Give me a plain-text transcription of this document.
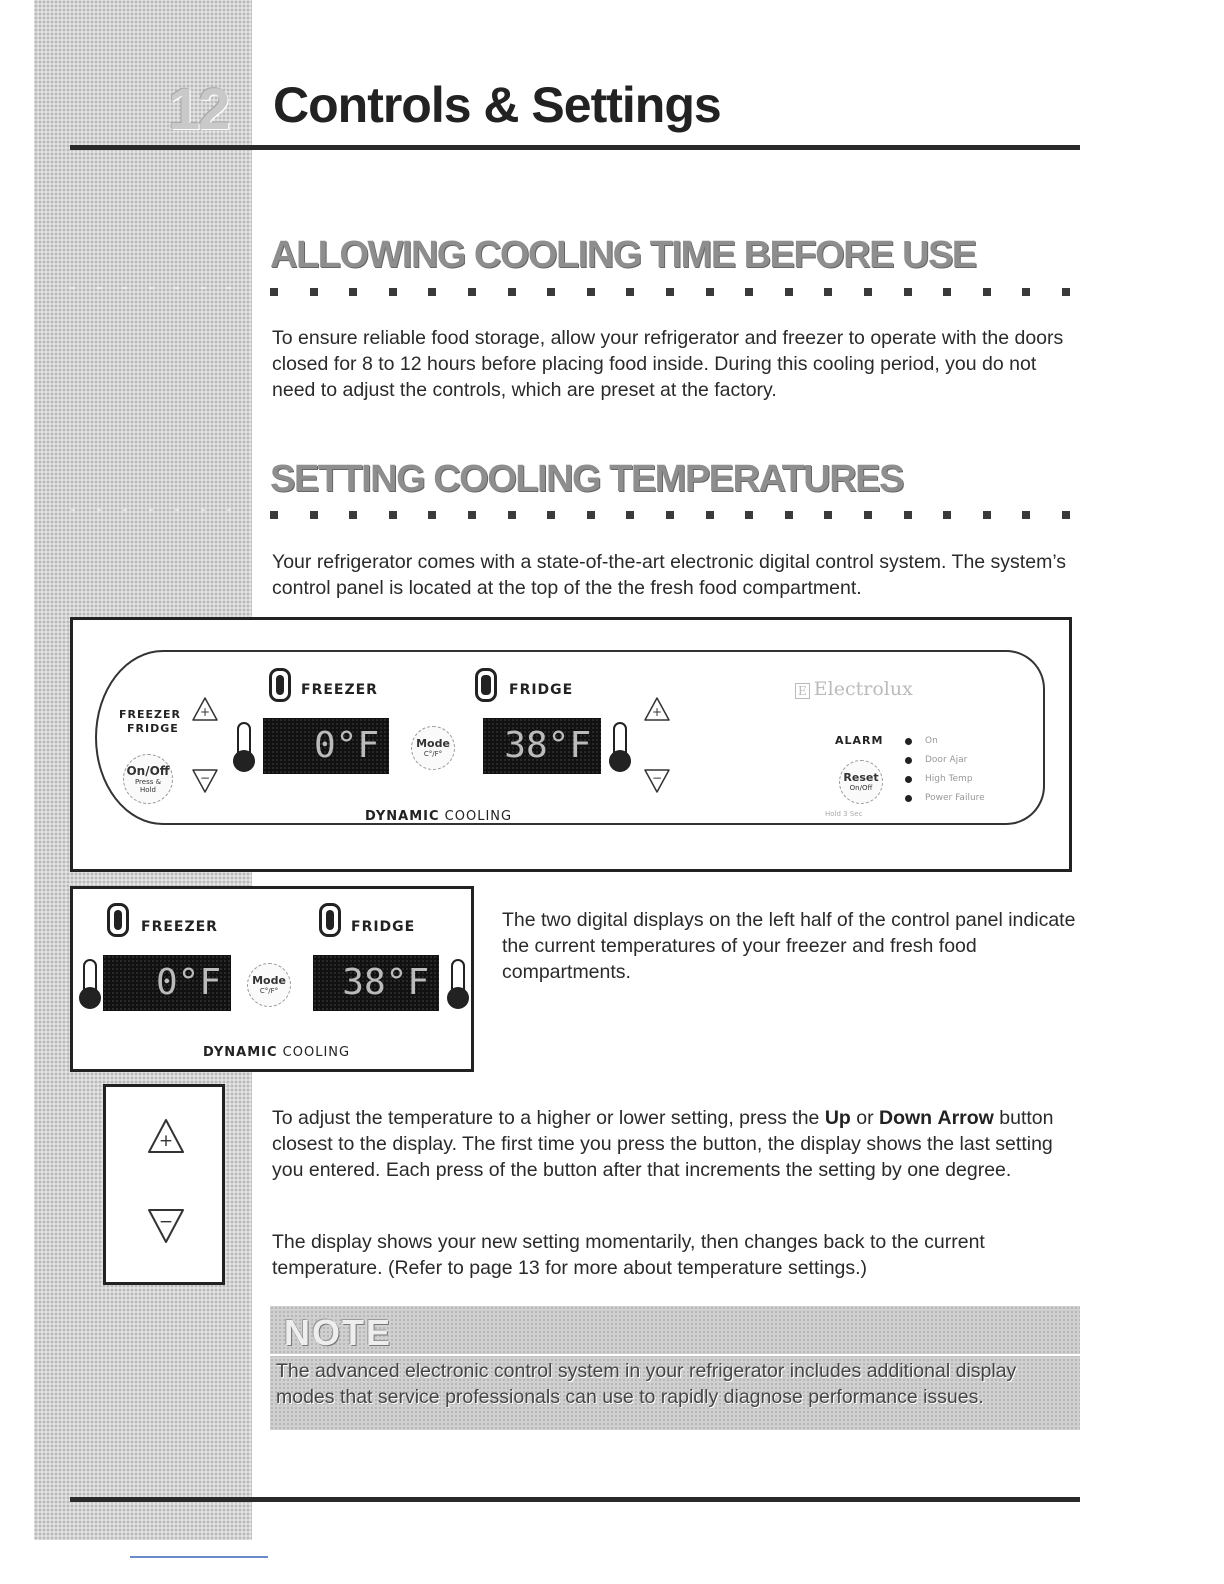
12 Controls & Settings
ALLOWING COOLING TIME BEFORE USE
To ensure reliable food storage, allow your refrigerator and freezer to operate with the doors closed for 8 to 12 hours before placing food inside. During this cooling period, you do not need to adjust the controls, which are preset at the factory.
SETTING COOLING TEMPERATURES
Your refrigerator comes with a state-of-the-art electronic digital control system. The system’s control panel is located at the top of the the fresh food compartment.
FREEZER
FRIDGE
On/Off
Press & Hold
+
−
FREEZER
0°F	Mode
C°/F°
FRIDGE
38°F
+
−
DYNAMIC COOLING
E Electrolux
ALARM
Reset
On/Off
Hold 3 Sec
On
Door Ajar
High Temp
Power Failure
FREEZER	FRIDGE
0°F	Mode
C°/F°	38°F
DYNAMIC COOLING
The two digital displays on the left half of the control panel indicate the current temperatures of your freezer and fresh food compartments.
+
−
To adjust the temperature to a higher or lower setting, press the Up or Down Arrow button closest to the display. The first time you press the button, the display shows the last setting you entered. Each press of the button after that increments the setting by one degree.
The display shows your new setting momentarily, then changes back to the current temperature. (Refer to page 13 for more about temperature settings.)
NOTE
The advanced electronic control system in your refrigerator includes additional display modes that service professionals can use to rapidly diagnose performance issues.
